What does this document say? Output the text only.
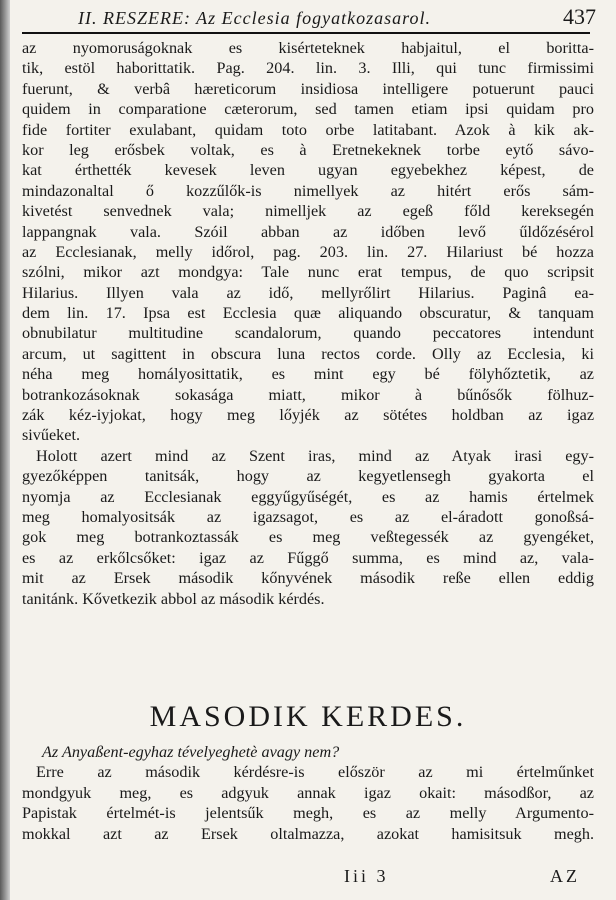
II. RESZERE: Az Ecclesia fogyatkozasarol.	437
az nyomoruságoknak es kisérteteknek habjaitul, el boritta-
tik, estöl haborittatik. Pag. 204. lin. 3. Illi, qui tunc firmissimi
fuerunt, & verbâ hæreticorum insidiosa intelligere potuerunt pauci
quidem in comparatione cæterorum, sed tamen etiam ipsi quidam pro
fide fortiter exulabant, quidam toto orbe latitabant. Azok à kik ak-
kor leg erősbek voltak, es à Eretnekeknek torbe eytő sávo-
kat érthették kevesek leven ugyan egyebekhez képest, de
mindazonaltal ő kozzűlők-is nimellyek az hitért erős sám-
kivetést senvednek vala; nimelljek az egeß főld kereksegén
lappangnak vala. Szóil abban az időben levő űldőzésérol
az Ecclesianak, melly időrol, pag. 203. lin. 27. Hilariust bé hozza
szólni, mikor azt mondgya: Tale nunc erat tempus, de quo scripsit
Hilarius. Illyen vala az idő, mellyrőlirt Hilarius. Paginâ ea-
dem lin. 17. Ipsa est Ecclesia quæ aliquando obscuratur, & tanquam
obnubilatur multitudine scandalorum, quando peccatores intendunt
arcum, ut sagittent in obscura luna rectos corde. Olly az Ecclesia, ki
néha meg homályosittatik, es mint egy bé fölyhőztetik, az
botrankozásoknak sokasága miatt, mikor à bűnősők fölhuz-
zák kéz-iyjokat, hogy meg lőyjék az sötétes holdban az igaz
sivűeket.
Holott azert mind az Szent iras, mind az Atyak irasi egy-
gyezőképpen tanitsák, hogy az kegyetlensegh gyakorta el
nyomja az Ecclesianak eggyűgyűségét, es az hamis értelmek
meg homalyositsák az igazsagot, es az el-áradott gonoßsá-
gok meg botrankoztassák es meg veßtegessék az gyengéket,
es az erkőlcsőket: igaz az Fűggő summa, es mind az, vala-
mit az Ersek második kőnyvének második reße ellen eddig
tanitánk. Kővetkezik abbol az második kérdés.
MASODIK KERDES.
Az Anyaßent-egyhaz tévelyeghetè avagy nem?
Erre az második kérdésre-is először az mi értelműnket
mondgyuk meg, es adgyuk annak igaz okait: másodßor, az
Papistak értelmét-is jelentsűk megh, es az melly Argumento-
mokkal azt az Ersek oltalmazza, azokat hamisitsuk megh.
Iii 3	AZ
